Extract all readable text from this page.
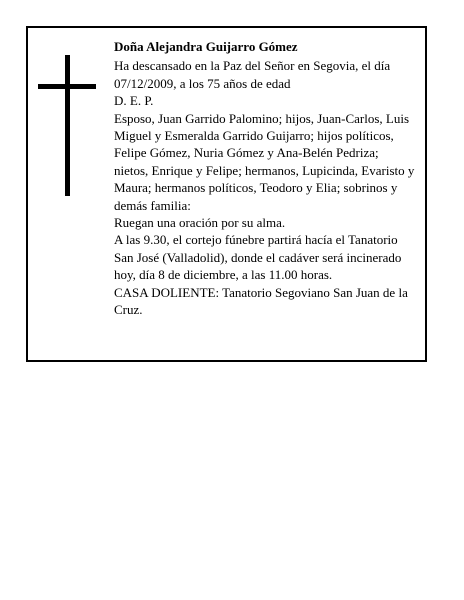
Doña Alejandra Guijarro Gómez

Ha descansado en la Paz del Señor en Segovia, el día 07/12/2009, a los 75 años de edad

D. E. P.

Esposo, Juan Garrido Palomino; hijos, Juan-Carlos, Luis Miguel y Esmeralda Garrido Guijarro; hijos políticos, Felipe Gómez, Nuria Gómez y Ana-Belén Pedriza; nietos, Enrique y Felipe; hermanos, Lupicinda, Evaristo y Maura; hermanos políticos, Teodoro y Elia; sobrinos y demás familia:

Ruegan una oración por su alma.

A las 9.30, el cortejo fúnebre partirá hacía el Tanatorio San José (Valladolid), donde el cadáver será incinerado hoy, día 8 de diciembre, a las 11.00 horas.

CASA DOLIENTE: Tanatorio Segoviano San Juan de la Cruz.
